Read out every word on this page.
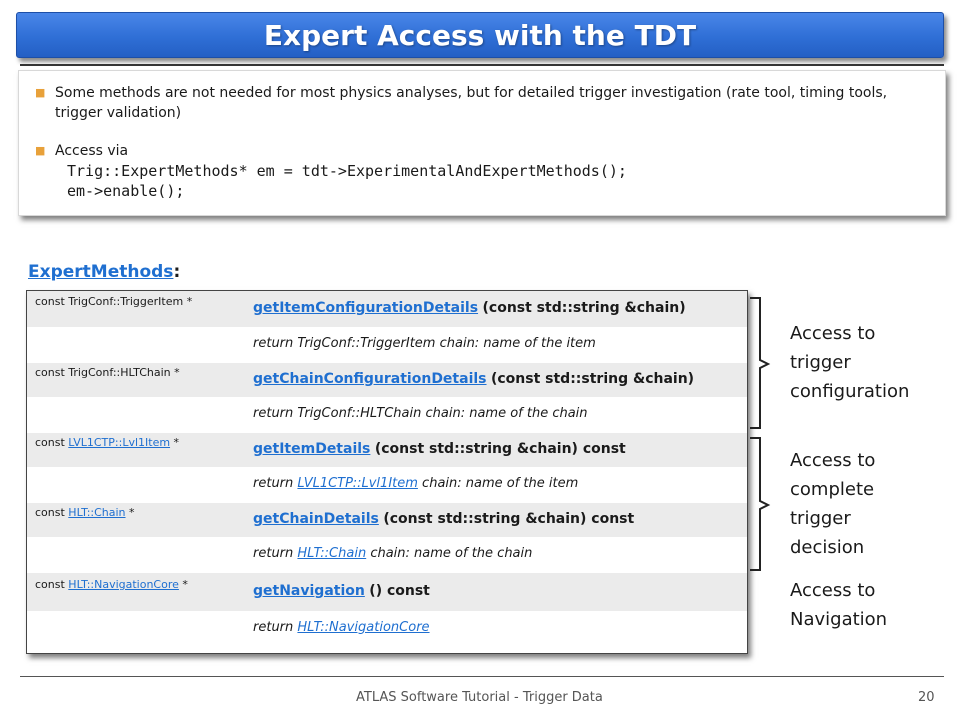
Expert Access with the TDT
■ Some methods are not needed for most physics analyses, but for detailed trigger investigation (rate tool, timing tools, trigger validation)
■ Access via
Trig::ExpertMethods* em = tdt->ExperimentalAndExpertMethods();
em->enable();
ExpertMethods:
const TrigConf::TriggerItem *	getItemConfigurationDetails (const std::string &chain)
return TrigConf::TriggerItem chain: name of the item
const TrigConf::HLTChain *	getChainConfigurationDetails (const std::string &chain)
return TrigConf::HLTChain chain: name of the chain
const LVL1CTP::Lvl1Item *	getItemDetails (const std::string &chain) const
return LVL1CTP::Lvl1Item chain: name of the item
const HLT::Chain *	getChainDetails (const std::string &chain) const
return HLT::Chain chain: name of the chain
const HLT::NavigationCore *	getNavigation () const
return HLT::NavigationCore
Access to
trigger
configuration
Access to
complete
trigger
decision
Access to
Navigation
ATLAS Software Tutorial - Trigger Data	20
